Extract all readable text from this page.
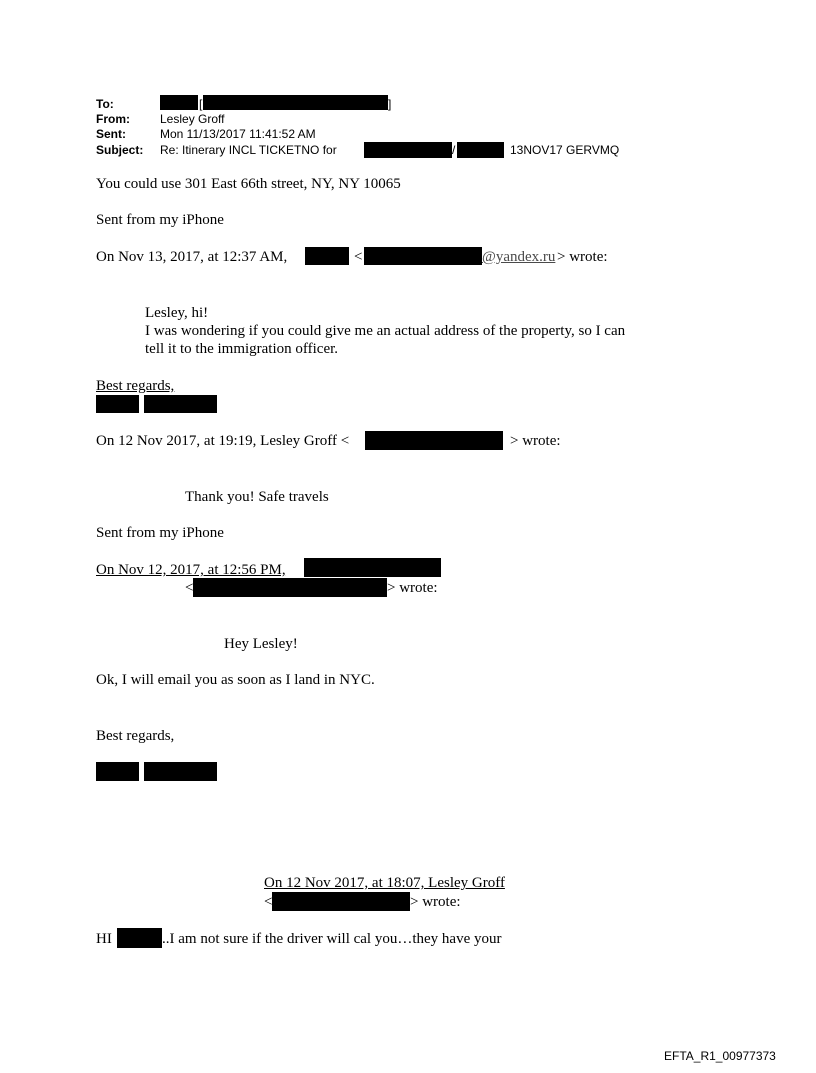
To:	[	]
From:	Lesley Groff
Sent:	Mon 11/13/2017 11:41:52 AM
Subject: Re: Itinerary INCL TICKETNO for	/	13NOV17 GERVMQ
You could use 301 East 66th street, NY, NY 10065
Sent from my iPhone
On Nov 13, 2017, at 12:37 AM,	<	@yandex.ru > wrote:
Lesley, hi!
I was wondering if you could give me an actual address of the property, so I can
tell it to the immigration officer.
Best regards,
On 12 Nov 2017, at 19:19, Lesley Groff <	> wrote:
Thank you! Safe travels
Sent from my iPhone
On Nov 12, 2017, at 12:56 PM,
<	> wrote:
Hey Lesley!
Ok, I will email you as soon as I land in NYC.
Best regards,
On 12 Nov 2017, at 18:07, Lesley Groff
<	> wrote:
HI	..I am not sure if the driver will cal you…they have your
EFTA_R1_00977373
